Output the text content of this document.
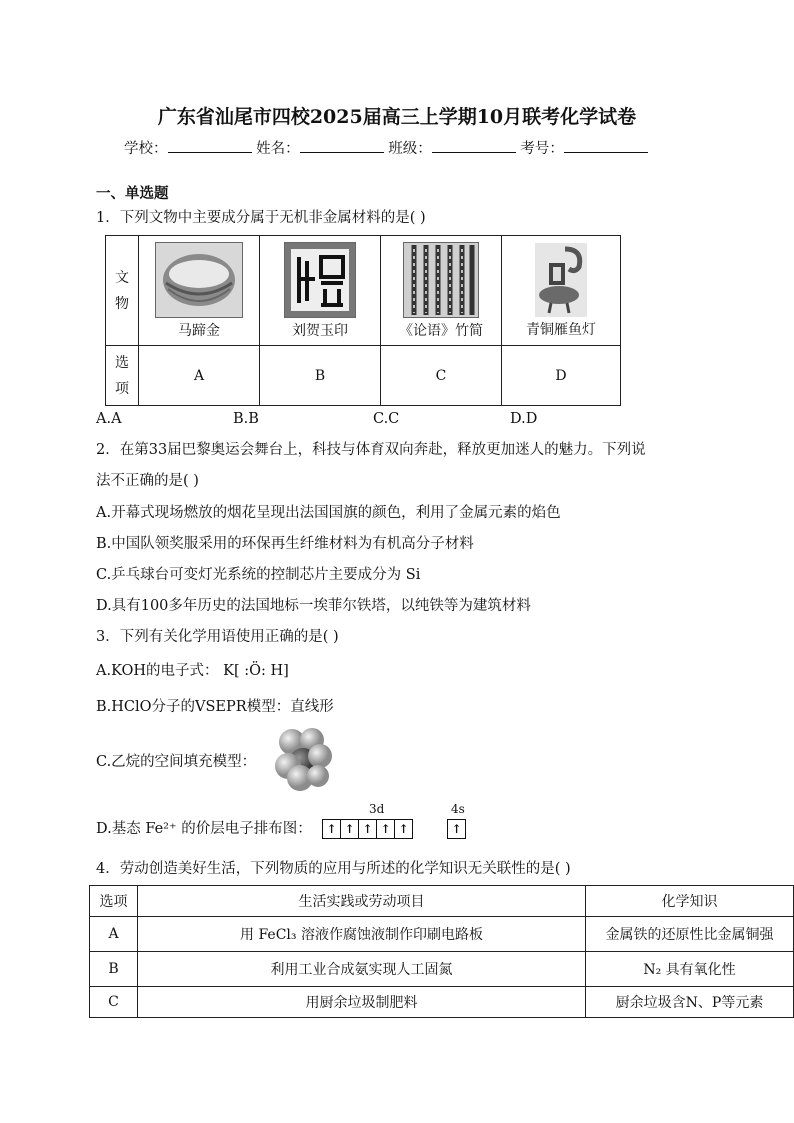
广东省汕尾市四校2025届高三上学期10月联考化学试卷
学校：	姓名：	班级：	考号：
一、单选题
1．下列文物中主要成分属于无机非金属材料的是( )
文
物	马蹄金	刘贺玉印	《论语》竹简	青铜雁鱼灯

选
项	A	B	C	D
A.A	B.B	C.C	D.D
2．在第33届巴黎奥运会舞台上，科技与体育双向奔赴，释放更加迷人的魅力。下列说
法不正确的是( )
A.开幕式现场燃放的烟花呈现出法国国旗的颜色，利用了金属元素的焰色
B.中国队领奖服采用的环保再生纤维材料为有机高分子材料
C.乒乓球台可变灯光系统的控制芯片主要成分为 Si
D.具有100多年历史的法国地标一埃菲尔铁塔，以纯铁等为建筑材料
3．下列有关化学用语使用正确的是( )
A.KOH的电子式： K[ :Ö: H]
B.HClO分子的VSEPR模型：直线形
C.乙烷的空间填充模型：
D.基态 Fe²⁺ 的价层电子排布图：
3d	4s
↑ ↑ ↑ ↑ ↑	↑
4．劳动创造美好生活，下列物质的应用与所述的化学知识无关联性的是( )
选项	生活实践或劳动项目	化学知识
A	用 FeCl₃ 溶液作腐蚀液制作印刷电路板	金属铁的还原性比金属铜强
B	利用工业合成氨实现人工固氮	N₂ 具有氧化性
C	用厨余垃圾制肥料	厨余垃圾含N、P等元素
